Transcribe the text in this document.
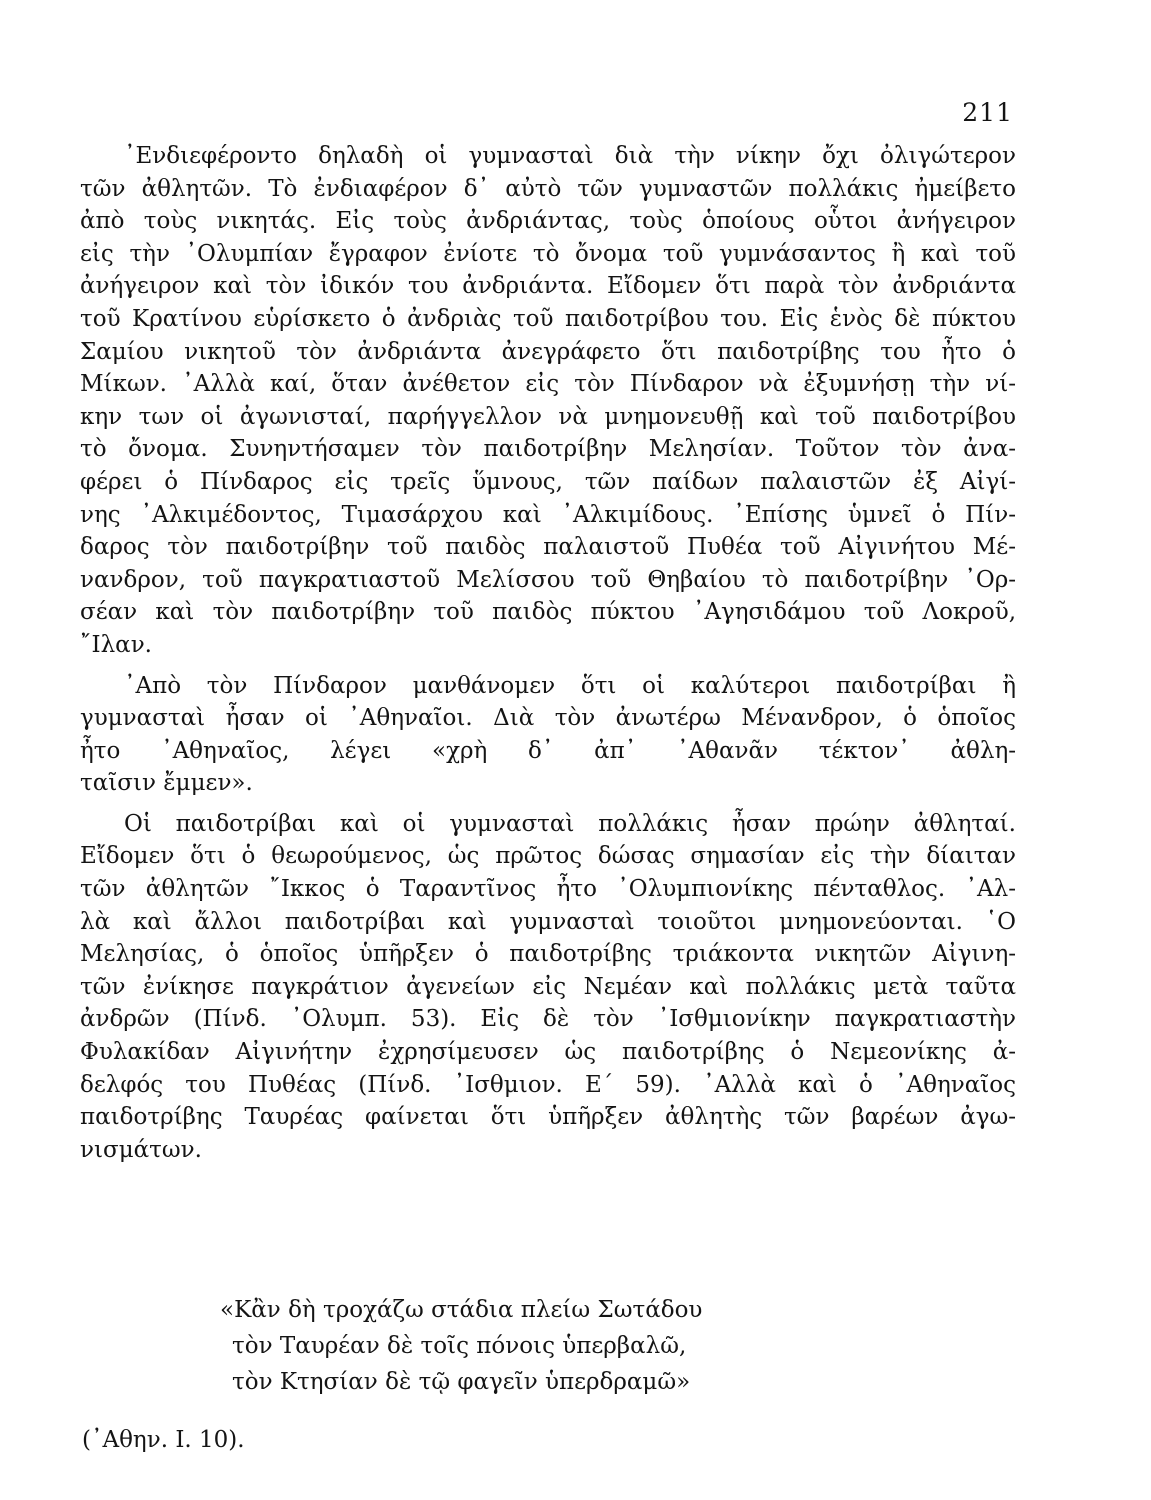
211
᾿Ενδιεφέροντο δηλαδὴ οἱ γυμνασταὶ διὰ τὴν νίκην ὄχι ὀλιγώτερον
τῶν ἀθλητῶν. Τὸ ἐνδιαφέρον δ᾿ αὐτὸ τῶν γυμναστῶν πολλάκις ἠμείβετο
ἀπὸ τοὺς νικητάς. Εἰς τοὺς ἀνδριάντας, τοὺς ὁποίους οὗτοι ἀνήγειρον
εἰς τὴν ᾿Ολυμπίαν ἔγραφον ἐνίοτε τὸ ὄνομα τοῦ γυμνάσαντος ἢ καὶ τοῦ
ἀνήγειρον καὶ τὸν ἰδικόν του ἀνδριάντα. Εἴδομεν ὅτι παρὰ τὸν ἀνδριάντα
τοῦ Κρατίνου εὑρίσκετο ὁ ἀνδριὰς τοῦ παιδοτρίβου του. Εἰς ἑνὸς δὲ πύκτου
Σαμίου νικητοῦ τὸν ἀνδριάντα ἀνεγράφετο ὅτι παιδοτρίβης του ἦτο ὁ
Μίκων. ᾿Αλλὰ καί, ὅταν ἀνέθετον εἰς τὸν Πίνδαρον νὰ ἐξυμνήσῃ τὴν νί-
κην των οἱ ἀγωνισταί, παρήγγελλον νὰ μνημονευθῇ καὶ τοῦ παιδοτρίβου
τὸ ὄνομα. Συνηντήσαμεν τὸν παιδοτρίβην Μελησίαν. Τοῦτον τὸν ἀνα-
φέρει ὁ Πίνδαρος εἰς τρεῖς ὕμνους, τῶν παίδων παλαιστῶν ἐξ Αἰγί-
νης ᾿Αλκιμέδοντος, Τιμασάρχου καὶ ᾿Αλκιμίδους. ᾿Επίσης ὑμνεῖ ὁ Πίν-
δαρος τὸν παιδοτρίβην τοῦ παιδὸς παλαιστοῦ Πυθέα τοῦ Αἰγινήτου Μέ-
νανδρον, τοῦ παγκρατιαστοῦ Μελίσσου τοῦ Θηβαίου τὸ παιδοτρίβην ᾿Ορ-
σέαν καὶ τὸν παιδοτρίβην τοῦ παιδὸς πύκτου ᾿Αγησιδάμου τοῦ Λοκροῦ,
῎Ιλαν.
᾿Απὸ τὸν Πίνδαρον μανθάνομεν ὅτι οἱ καλύτεροι παιδοτρίβαι ἢ
γυμνασταὶ ἦσαν οἱ ᾿Αθηναῖοι. Διὰ τὸν ἀνωτέρω Μένανδρον, ὁ ὁποῖος
ἦτο ᾿Αθηναῖος, λέγει «χρὴ δ᾿ ἀπ᾿ ᾿Αθανᾶν τέκτον᾿ ἀθλη-
ταῖσιν ἔμμεν».
Οἱ παιδοτρίβαι καὶ οἱ γυμνασταὶ πολλάκις ἦσαν πρώην ἀθληταί.
Εἴδομεν ὅτι ὁ θεωρούμενος, ὡς πρῶτος δώσας σημασίαν εἰς τὴν δίαιταν
τῶν ἀθλητῶν ῎Ικκος ὁ Ταραντῖνος ἦτο ᾿Ολυμπιονίκης πένταθλος. ᾿Αλ-
λὰ καὶ ἄλλοι παιδοτρίβαι καὶ γυμνασταὶ τοιοῦτοι μνημονεύονται. ῾Ο
Μελησίας, ὁ ὁποῖος ὑπῆρξεν ὁ παιδοτρίβης τριάκοντα νικητῶν Αἰγινη-
τῶν ἐνίκησε παγκράτιον ἀγενείων εἰς Νεμέαν καὶ πολλάκις μετὰ ταῦτα
ἀνδρῶν (Πίνδ. ᾿Ολυμπ. 53). Εἰς δὲ τὸν ᾿Ισθμιονίκην παγκρατιαστὴν
Φυλακίδαν Αἰγινήτην ἐχρησίμευσεν ὡς παιδοτρίβης ὁ Νεμεονίκης ἀ-
δελφός του Πυθέας (Πίνδ. ᾿Ισθμιον. Ε΄ 59). ᾿Αλλὰ καὶ ὁ ᾿Αθηναῖος
παιδοτρίβης Ταυρέας φαίνεται ὅτι ὑπῆρξεν ἀθλητὴς τῶν βαρέων ἀγω-
νισμάτων.
«Κἂν δὴ τροχάζω στάδια πλείω Σωτάδου
τὸν Ταυρέαν δὲ τοῖς πόνοις ὑπερβαλῶ,
τὸν Κτησίαν δὲ τῷ φαγεῖν ὑπερδραμῶ»
(᾿Αθην. Ι. 10).
